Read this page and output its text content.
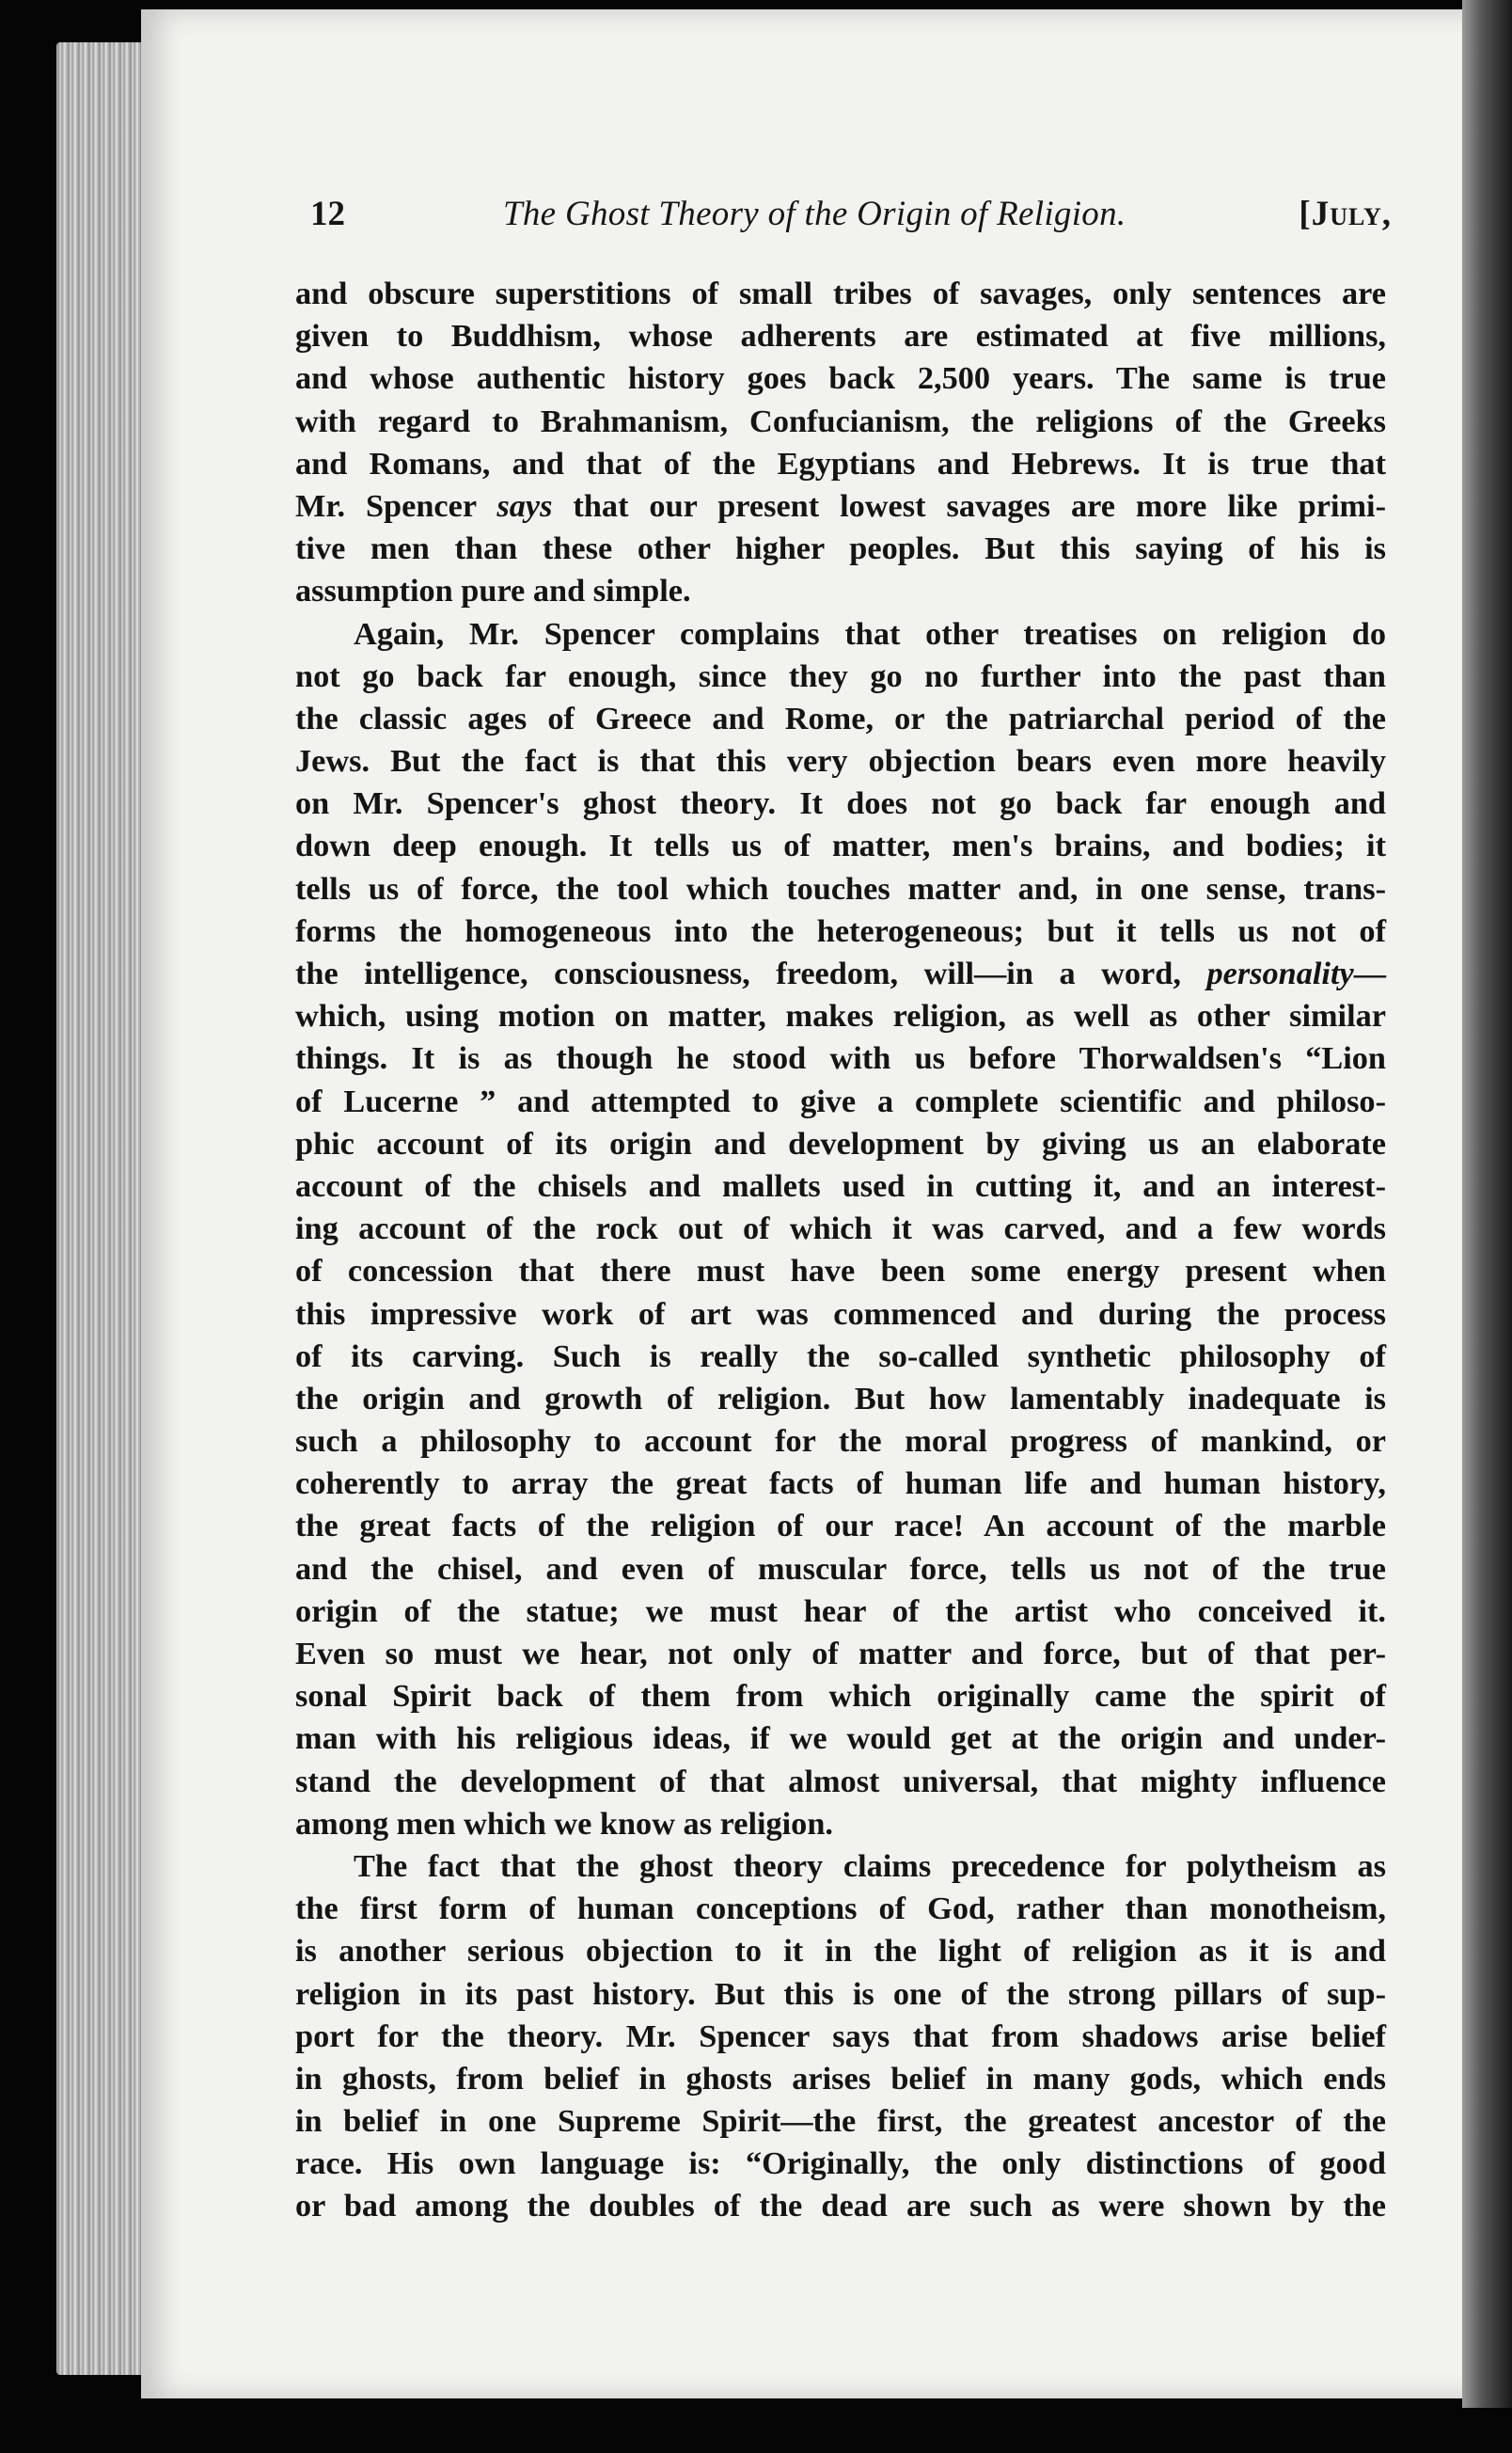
12	The Ghost Theory of the Origin of Religion.	[July,
and obscure superstitions of small tribes of savages, only sentences are
given to Buddhism, whose adherents are estimated at five millions,
and whose authentic history goes back 2,500 years. The same is true
with regard to Brahmanism, Confucianism, the religions of the Greeks
and Romans, and that of the Egyptians and Hebrews. It is true that
Mr. Spencer says that our present lowest savages are more like primi-
tive men than these other higher peoples. But this saying of his is
assumption pure and simple.
Again, Mr. Spencer complains that other treatises on religion do
not go back far enough, since they go no further into the past than
the classic ages of Greece and Rome, or the patriarchal period of the
Jews. But the fact is that this very objection bears even more heavily
on Mr. Spencer's ghost theory. It does not go back far enough and
down deep enough. It tells us of matter, men's brains, and bodies; it
tells us of force, the tool which touches matter and, in one sense, trans-
forms the homogeneous into the heterogeneous; but it tells us not of
the intelligence, consciousness, freedom, will—in a word, personality—
which, using motion on matter, makes religion, as well as other similar
things. It is as though he stood with us before Thorwaldsen's “Lion
of Lucerne ” and attempted to give a complete scientific and philoso-
phic account of its origin and development by giving us an elaborate
account of the chisels and mallets used in cutting it, and an interest-
ing account of the rock out of which it was carved, and a few words
of concession that there must have been some energy present when
this impressive work of art was commenced and during the process
of its carving. Such is really the so-called synthetic philosophy of
the origin and growth of religion. But how lamentably inadequate is
such a philosophy to account for the moral progress of mankind, or
coherently to array the great facts of human life and human history,
the great facts of the religion of our race! An account of the marble
and the chisel, and even of muscular force, tells us not of the true
origin of the statue; we must hear of the artist who conceived it.
Even so must we hear, not only of matter and force, but of that per-
sonal Spirit back of them from which originally came the spirit of
man with his religious ideas, if we would get at the origin and under-
stand the development of that almost universal, that mighty influence
among men which we know as religion.
The fact that the ghost theory claims precedence for polytheism as
the first form of human conceptions of God, rather than monotheism,
is another serious objection to it in the light of religion as it is and
religion in its past history. But this is one of the strong pillars of sup-
port for the theory. Mr. Spencer says that from shadows arise belief
in ghosts, from belief in ghosts arises belief in many gods, which ends
in belief in one Supreme Spirit—the first, the greatest ancestor of the
race. His own language is: “Originally, the only distinctions of good
or bad among the doubles of the dead are such as were shown by the
